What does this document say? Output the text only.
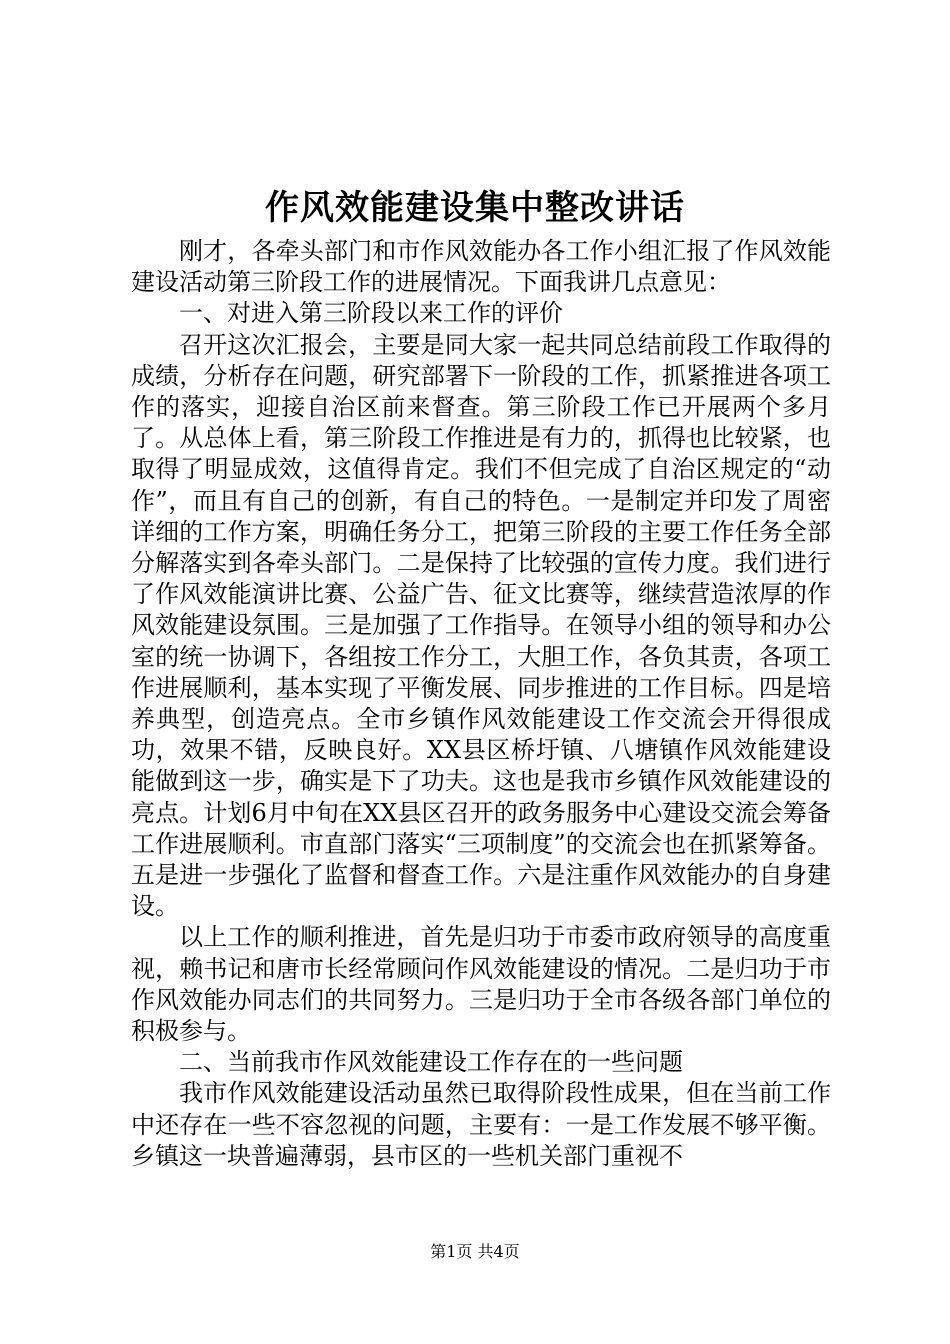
作风效能建设集中整改讲话

刚才，各牵头部门和市作风效能办各工作小组汇报了作风效能建设活动第三阶段工作的进展情况。下面我讲几点意见：

一、对进入第三阶段以来工作的评价

召开这次汇报会，主要是同大家一起共同总结前段工作取得的成绩，分析存在问题，研究部署下一阶段的工作，抓紧推进各项工作的落实，迎接自治区前来督查。第三阶段工作已开展两个多月了。从总体上看，第三阶段工作推进是有力的，抓得也比较紧，也取得了明显成效，这值得肯定。我们不但完成了自治区规定的“动作”，而且有自己的创新，有自己的特色。一是制定并印发了周密详细的工作方案，明确任务分工，把第三阶段的主要工作任务全部分解落实到各牵头部门。二是保持了比较强的宣传力度。我们进行了作风效能演讲比赛、公益广告、征文比赛等，继续营造浓厚的作风效能建设氛围。三是加强了工作指导。在领导小组的领导和办公室的统一协调下，各组按工作分工，大胆工作，各负其责，各项工作进展顺利，基本实现了平衡发展、同步推进的工作目标。四是培养典型，创造亮点。全市乡镇作风效能建设工作交流会开得很成功，效果不错，反映良好。XX县区桥圩镇、八塘镇作风效能建设能做到这一步，确实是下了功夫。这也是我市乡镇作风效能建设的亮点。计划6月中旬在XX县区召开的政务服务中心建设交流会筹备工作进展顺利。市直部门落实“三项制度”的交流会也在抓紧筹备。五是进一步强化了监督和督查工作。六是注重作风效能办的自身建设。

以上工作的顺利推进，首先是归功于市委市政府领导的高度重视，赖书记和唐市长经常顾问作风效能建设的情况。二是归功于市作风效能办同志们的共同努力。三是归功于全市各级各部门单位的积极参与。

二、当前我市作风效能建设工作存在的一些问题

我市作风效能建设活动虽然已取得阶段性成果，但在当前工作中还存在一些不容忽视的问题，主要有：一是工作发展不够平衡。乡镇这一块普遍薄弱，县市区的一些机关部门重视不

第1页 共4页
